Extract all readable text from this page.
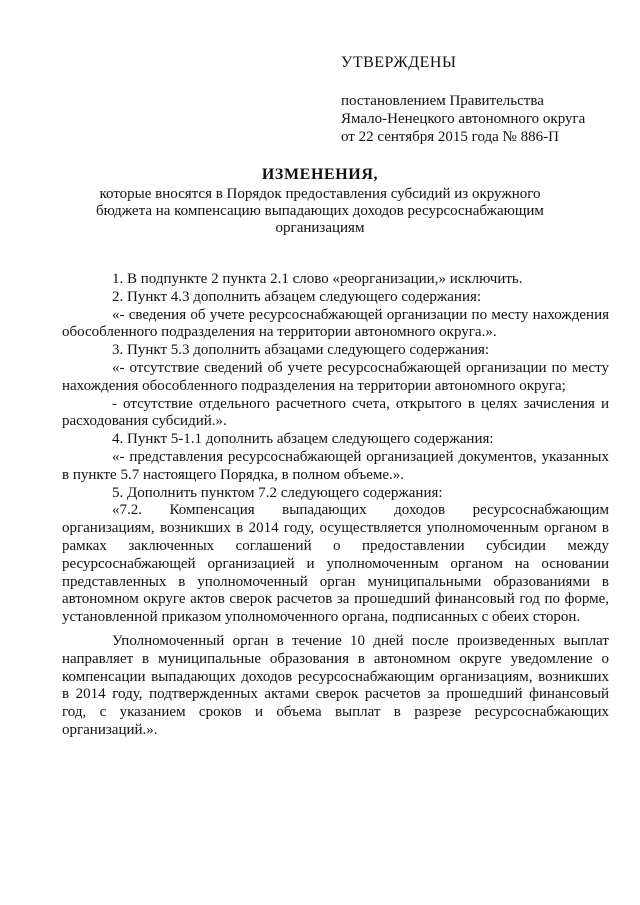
УТВЕРЖДЕНЫ
постановлением Правительства
Ямало-Ненецкого автономного округа
от 22 сентября 2015 года № 886-П
ИЗМЕНЕНИЯ,
которые вносятся в Порядок предоставления субсидий из окружного
бюджета на компенсацию выпадающих доходов ресурсоснабжающим
организациям

1. В подпункте 2 пункта 2.1 слово «реорганизации,» исключить.

2. Пункт 4.3 дополнить абзацем следующего содержания:

«- сведения об учете ресурсоснабжающей организации по месту нахождения обособленного подразделения на территории автономного округа.».

3. Пункт 5.3 дополнить абзацами следующего содержания:

«- отсутствие сведений об учете ресурсоснабжающей организации по месту нахождения обособленного подразделения на территории автономного округа;

- отсутствие отдельного расчетного счета, открытого в целях зачисления и расходования субсидий.».

4. Пункт 5-1.1 дополнить абзацем следующего содержания:

«- представления ресурсоснабжающей организацией документов, указанных в пункте 5.7 настоящего Порядка, в полном объеме.».

5. Дополнить пунктом 7.2 следующего содержания:

«7.2. Компенсация выпадающих доходов ресурсоснабжающим организациям, возникших в 2014 году, осуществляется уполномоченным органом в рамках заключенных соглашений о предоставлении субсидии между ресурсоснабжающей организацией и уполномоченным органом на основании представленных в уполномоченный орган муниципальными образованиями в автономном округе актов сверок расчетов за прошедший финансовый год по форме, установленной приказом уполномоченного органа, подписанных с обеих сторон.

Уполномоченный орган в течение 10 дней после произведенных выплат направляет в муниципальные образования в автономном округе уведомление о компенсации выпадающих доходов ресурсоснабжающим организациям, возникших в 2014 году, подтвержденных актами сверок расчетов за прошедший финансовый год, с указанием сроков и объема выплат в разрезе ресурсоснабжающих организаций.».
